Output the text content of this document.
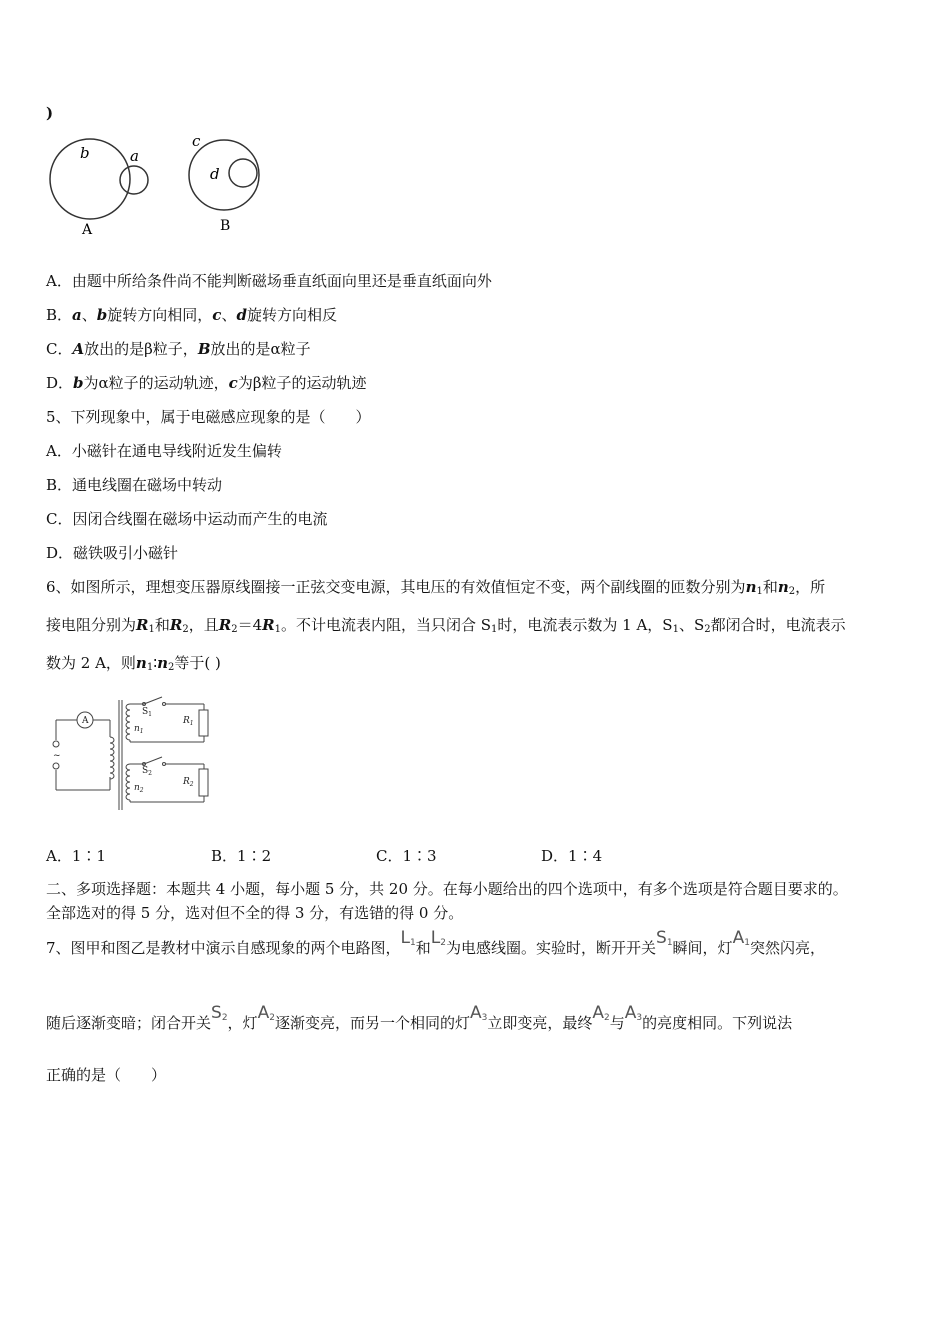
)
b	a
c
d
A	B
A．由题中所给条件尚不能判断磁场垂直纸面向里还是垂直纸面向外
B．a、b旋转方向相同，c、d旋转方向相反
C．A放出的是β粒子，B放出的是α粒子
D．b为α粒子的运动轨迹，c为β粒子的运动轨迹
5、下列现象中，属于电磁感应现象的是（　　）
A．小磁针在通电导线附近发生偏转
B．通电线圈在磁场中转动
C．因闭合线圈在磁场中运动而产生的电流
D．磁铁吸引小磁针
6、如图所示，理想变压器原线圈接一正弦交变电源，其电压的有效值恒定不变，两个副线圈的匝数分别为$n_1$和$n_2$，所
接电阻分别为$R_1$和$R_2$，且$R_2=4R_1$。不计电流表内阻，当只闭合 $S_1$时，电流表示数为 1 A，$S_1$、$S_2$都闭合时，电流表示
数为 2 A，则$n_1∶n_2$等于( )
A
~
$S_1$
$n_1$
$R_1$
$S_2$
$n_2$
$R_2$
A．1∶1	B．1∶2	C．1∶3	D．1∶4
二、多项选择题：本题共 4 小题，每小题 5 分，共 20 分。在每小题给出的四个选项中，有多个选项是符合题目要求的。
全部选对的得 5 分，选对但不全的得 3 分，有选错的得 0 分。
7、图甲和图乙是教材中演示自感现象的两个电路图，$L_1$和$L_2$为电感线圈。实验时，断开开关$S_1$瞬间，灯$A_1$突然闪亮，
随后逐渐变暗；闭合开关$S_2$，灯$A_2$逐渐变亮，而另一个相同的灯$A_3$立即变亮，最终$A_2$与$A_3$的亮度相同。下列说法
正确的是（　　）
